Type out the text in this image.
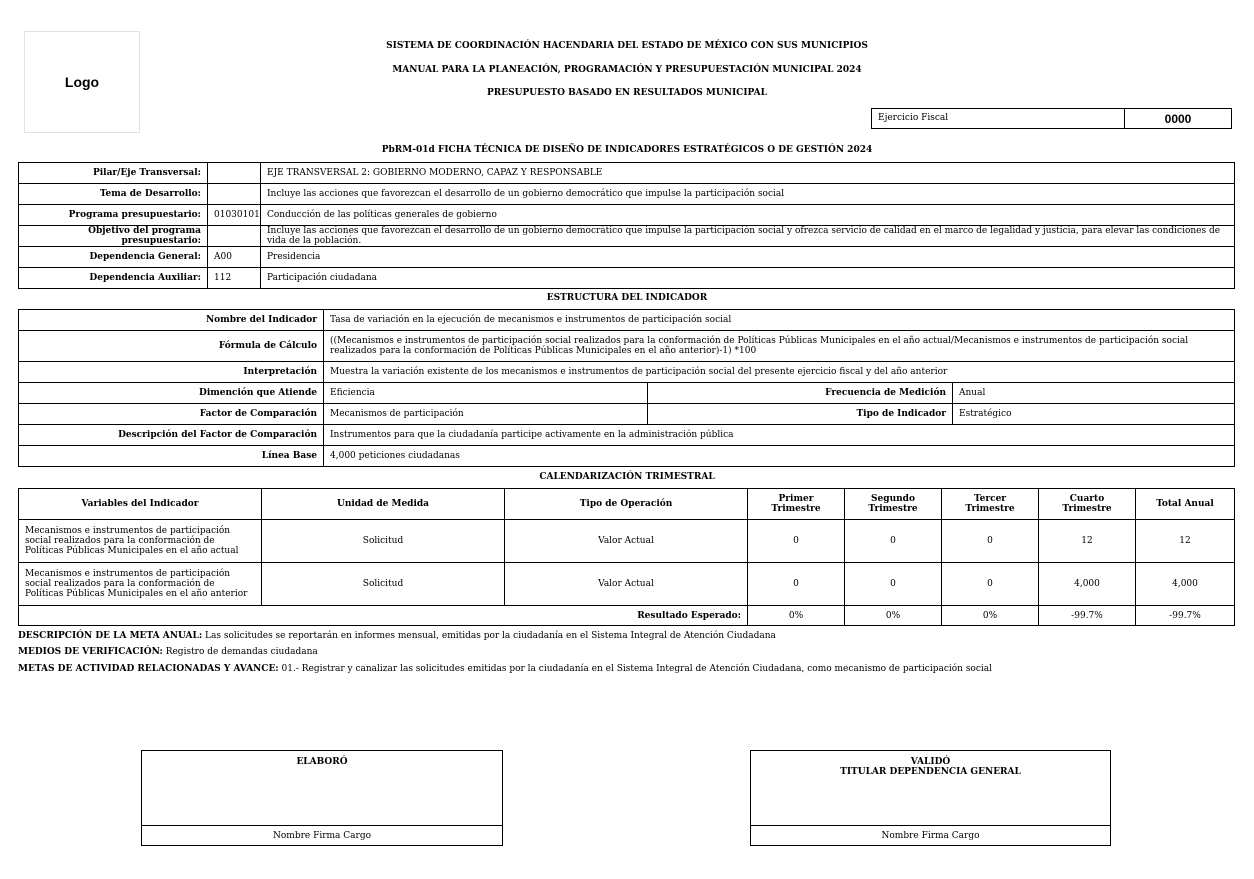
Logo
SISTEMA DE COORDINACIÓN HACENDARIA DEL ESTADO DE MÉXICO CON SUS MUNICIPIOS
MANUAL PARA LA PLANEACIÓN, PROGRAMACIÓN Y PRESUPUESTACIÓN MUNICIPAL 2024
PRESUPUESTO BASADO EN RESULTADOS MUNICIPAL
Ejercicio Fiscal	0000
PbRM-01d FICHA TÉCNICA DE DISEÑO DE INDICADORES ESTRATÉGICOS O DE GESTIÓN 2024
Pilar/Eje Transversal:		EJE TRANSVERSAL 2: GOBIERNO MODERNO, CAPAZ Y RESPONSABLE
Tema de Desarrollo:		Incluye las acciones que favorezcan el desarrollo de un gobierno democrático que impulse la participación social
Programa presupuestario:	01030101	Conducción de las políticas generales de gobierno
Objetivo del programa presupuestario:		Incluye las acciones que favorezcan el desarrollo de un gobierno democrático que impulse la participación social y ofrezca servicio de calidad en el marco de legalidad y justicia, para elevar las condiciones de vida de la población.
Dependencia General:	A00	Presidencia
Dependencia Auxiliar:	112	Participación ciudadana
ESTRUCTURA DEL INDICADOR
Nombre del Indicador	Tasa de variación en la ejecución de mecanismos e instrumentos de participación social		
Fórmula de Cálculo	((Mecanismos e instrumentos de participación social realizados para la conformación de Políticas Públicas Municipales en el año actual/Mecanismos e instrumentos de participación social realizados para la conformación de Políticas Públicas Municipales en el año anterior)-1) *100		
Interpretación	Muestra la variación existente de los mecanismos e instrumentos de participación social del presente ejercicio fiscal y del año anterior		
Dimención que Atiende	Eficiencia	Frecuencia de Medición	Anual
Factor de Comparación	Mecanismos de participación	Tipo de Indicador	Estratégico
Descripción del Factor de Comparación	Instrumentos para que la ciudadanía participe activamente en la administración pública		
Línea Base	4,000 peticiones ciudadanas		
CALENDARIZACIÓN TRIMESTRAL
Variables del Indicador	Unidad de Medida	Tipo de Operación	Primer Trimestre	Segundo Trimestre	Tercer Trimestre	Cuarto Trimestre	Total Anual
Mecanismos e instrumentos de participación social realizados para la conformación de Políticas Públicas Municipales en el año actual	Solicitud	Valor Actual	0	0	0	12	12
Mecanismos e instrumentos de participación social realizados para la conformación de Políticas Públicas Municipales en el año anterior	Solicitud	Valor Actual	0	0	0	4,000	4,000
Resultado Esperado:			0%	0%	0%	-99.7%	-99.7%
DESCRIPCIÓN DE LA META ANUAL: Las solicitudes se reportarán en informes mensual, emitidas por la ciudadanía en el Sistema Integral de Atención Ciudadana
MEDIOS DE VERIFICACIÓN: Registro de demandas ciudadana
METAS DE ACTIVIDAD RELACIONADAS Y AVANCE: 01.- Registrar y canalizar las solicitudes emitidas por la ciudadanía en el Sistema Integral de Atención Ciudadana, como mecanismo de participación social
ELABORÓ
Nombre Firma Cargo
VALIDÓ
TITULAR DEPENDENCIA GENERAL

Nombre Firma Cargo
